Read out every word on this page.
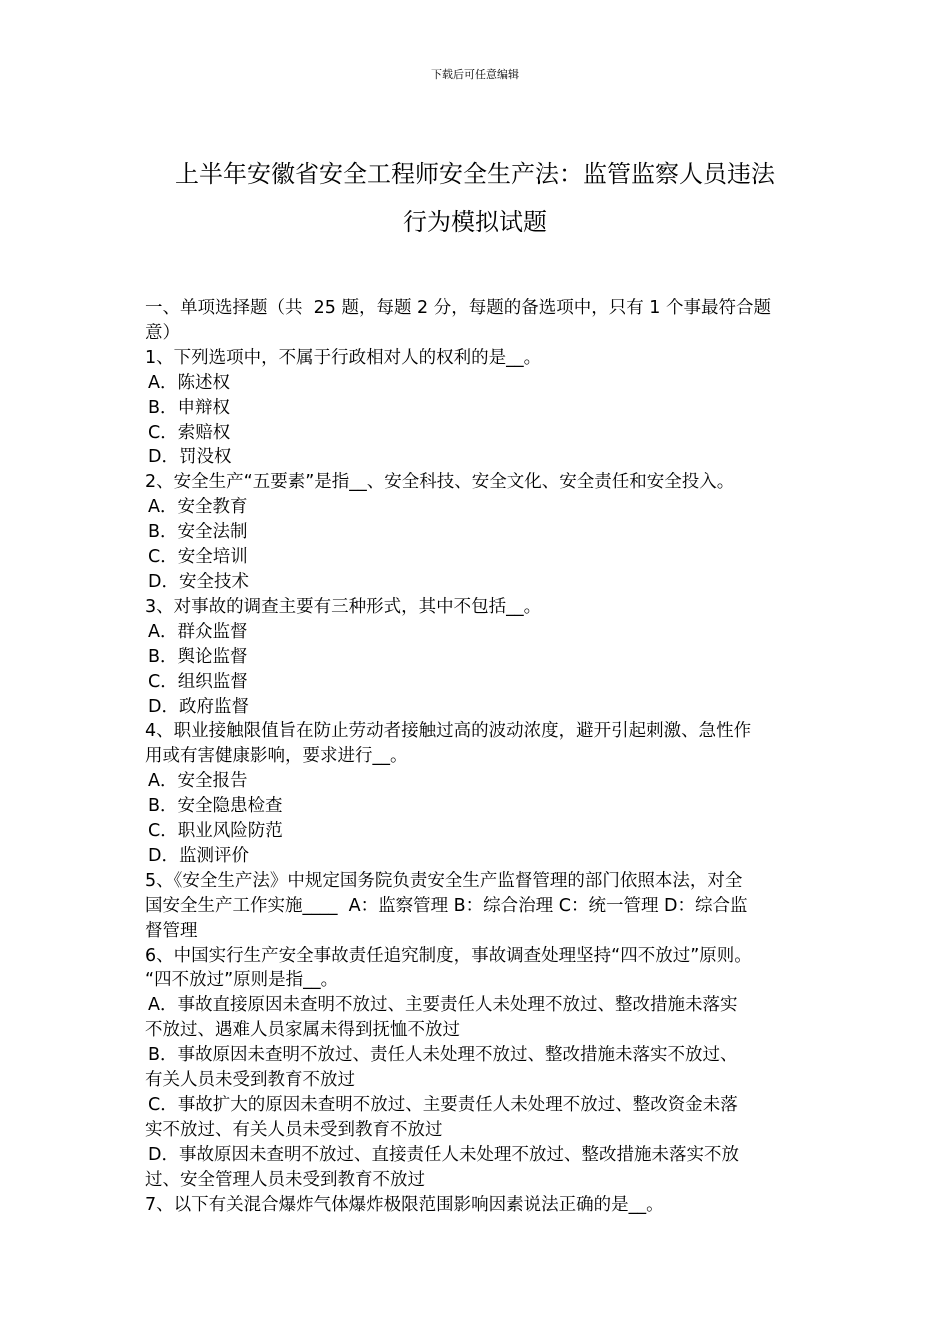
下载后可任意编辑
上半年安徽省安全工程师安全生产法：监管监察人员违法
行为模拟试题
一、单项选择题（共  25 题，每题 2 分，每题的备选项中，只有 1 个事最符合题
意）
1、下列选项中，不属于行政相对人的权利的是__。
A．陈述权
B．申辩权
C．索赔权
D．罚没权
2、安全生产“五要素”是指__、安全科技、安全文化、安全责任和安全投入。
A．安全教育
B．安全法制
C．安全培训
D．安全技术
3、对事故的调查主要有三种形式，其中不包括__。
A．群众监督
B．舆论监督
C．组织监督
D．政府监督
4、职业接触限值旨在防止劳动者接触过高的波动浓度，避开引起刺激、急性作
用或有害健康影响，要求进行__。
A．安全报告
B．安全隐患检查
C．职业风险防范
D．监测评价
5、《安全生产法》中规定国务院负责安全生产监督管理的部门依照本法，对全
国安全生产工作实施____  A：监察管理 B：综合治理 C：统一管理 D：综合监
督管理
6、中国实行生产安全事故责任追究制度，事故调查处理坚持“四不放过”原则。
“四不放过”原则是指__。
A．事故直接原因未查明不放过、主要责任人未处理不放过、整改措施未落实
不放过、遇难人员家属未得到抚恤不放过
B．事故原因未查明不放过、责任人未处理不放过、整改措施未落实不放过、
有关人员未受到教育不放过
C．事故扩大的原因未查明不放过、主要责任人未处理不放过、整改资金未落
实不放过、有关人员未受到教育不放过
D．事故原因未查明不放过、直接责任人未处理不放过、整改措施未落实不放
过、安全管理人员未受到教育不放过
7、以下有关混合爆炸气体爆炸极限范围影响因素说法正确的是__。
